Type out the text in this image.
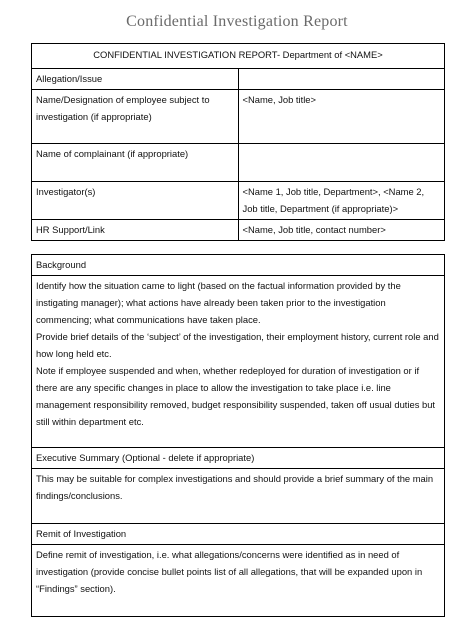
Confidential Investigation Report
CONFIDENTIAL INVESTIGATION REPORT- Department of <NAME>	
Allegation/Issue	
Name/Designation of employee subject to investigation (if appropriate)	<Name, Job title>
Name of complainant (if appropriate)	
Investigator(s)	<Name 1, Job title, Department>, <Name 2, Job title, Department (if appropriate)>
HR Support/Link	<Name, Job title, contact number>
Background

Identify how the situation came to light (based on the factual information provided by the instigating manager); what actions have already been taken prior to the investigation commencing; what communications have taken place.

Provide brief details of the ‘subject’ of the investigation, their employment history, current role and how long held etc.

Note if employee suspended and when, whether redeployed for duration of investigation or if there are any specific changes in place to allow the investigation to take place i.e. line management responsibility removed, budget responsibility suspended, taken off usual duties but still within department etc.

Executive Summary (Optional - delete if appropriate)
This may be suitable for complex investigations and should provide a brief summary of the main findings/conclusions.
Remit of Investigation
Define remit of investigation, i.e. what allegations/concerns were identified as in need of investigation (provide concise bullet points list of all allegations, that will be expanded upon in “Findings” section).
